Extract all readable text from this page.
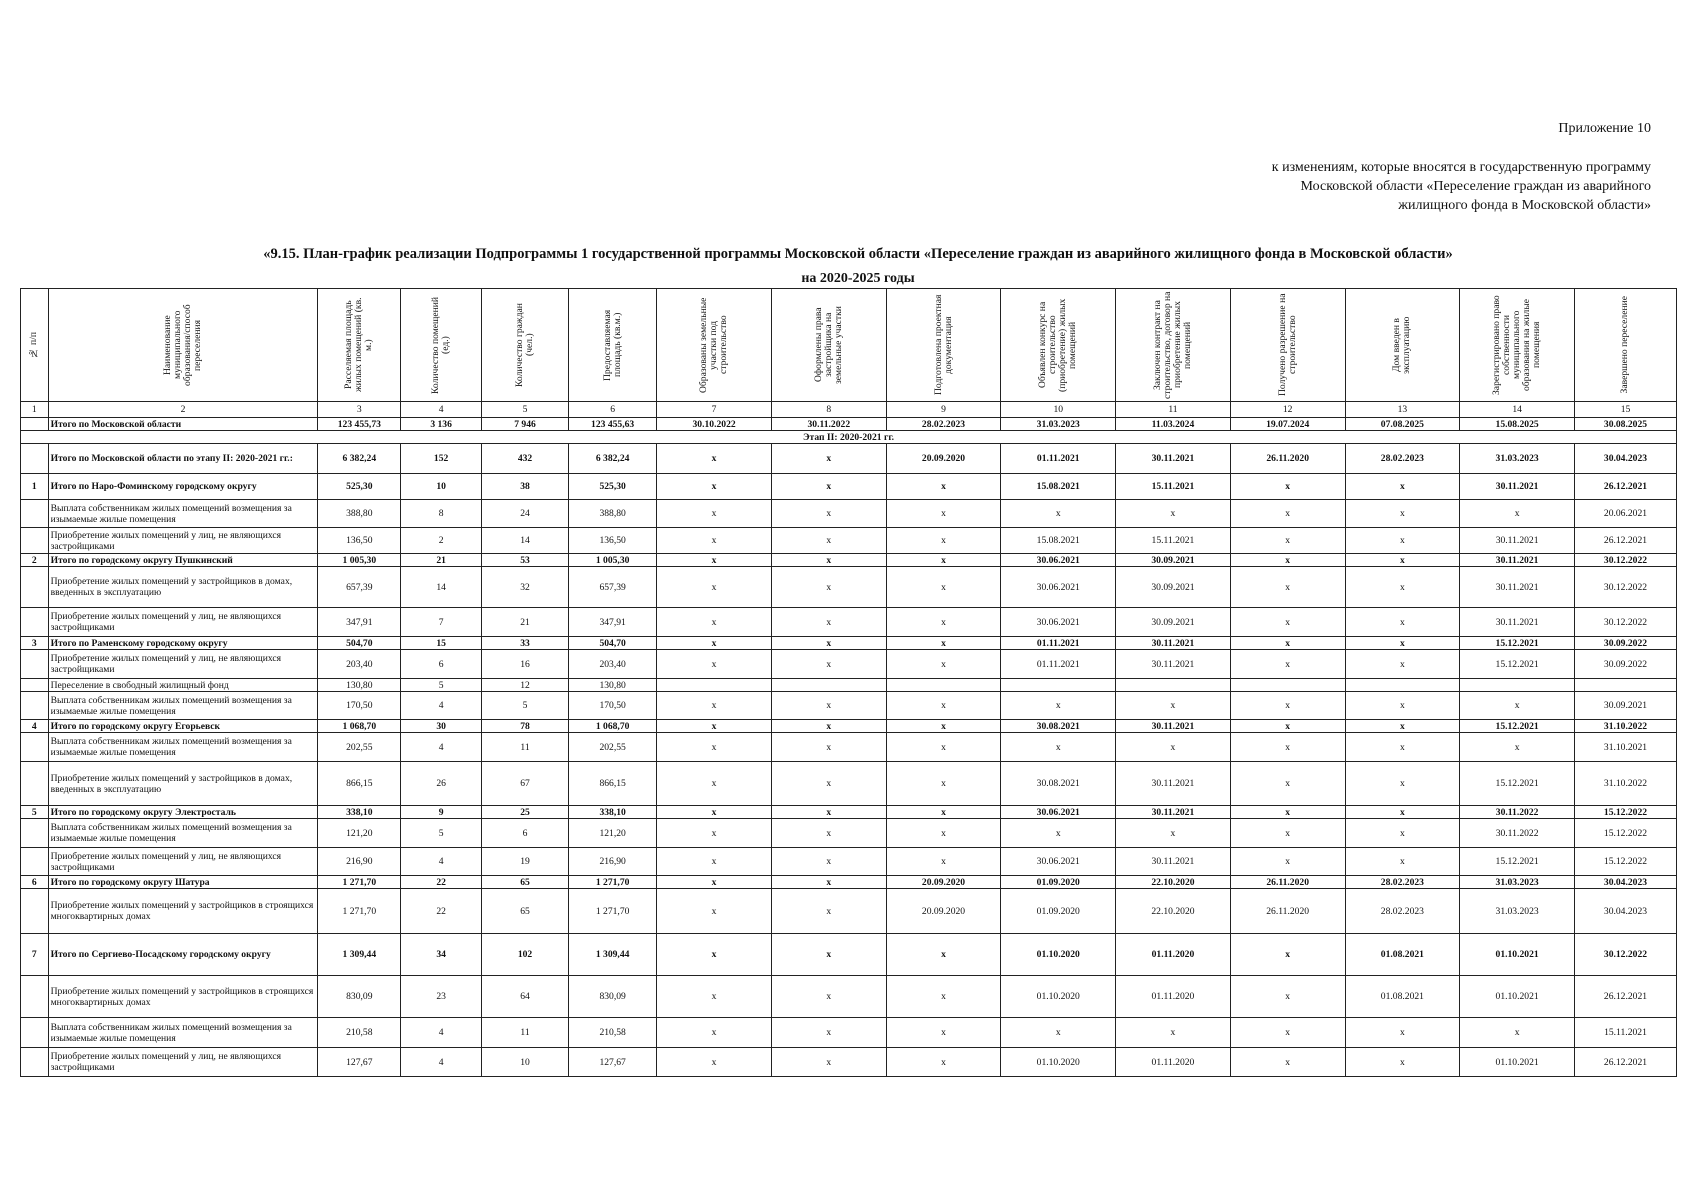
Приложение 10
к изменениям, которые вносятся в государственную программу
Московской области «Переселение граждан из аварийного
жилищного фонда в Московской области»
«9.15. План-график реализации Подпрограммы 1 государственной программы Московской области «Переселение граждан из аварийного жилищного фонда в Московской области»
на 2020-2025 годы
№ п/п	Наименование муниципального образования/способ переселения	Расселяемая площадь жилых помещений (кв. м.)	Количество помещений (ед.)	Количество граждан (чел.)	Предоставляемая площадь (кв.м.)	Образованы земельные участки под строительство	Оформлены права застройщика на земельные участки	Подготовлена проектная документация	Объявлен конкурс на строительство (приобретение) жилых помещений	Заключен контракт на строительство, договор на приобретение жилых помещений	Получено разрешение на строительство	Дом введен в эксплуатацию	Зарегистрировано право собственности муниципального образования на жилые помещения	Завершено переселение

1	2	3	4	5	6	7	8	9	10	11	12	13	14	15
	Итого по Московской области	123 455,73	3 136	7 946	123 455,63	30.10.2022	30.11.2022	28.02.2023	31.03.2023	11.03.2024	19.07.2024	07.08.2025	15.08.2025	30.08.2025
Этап II: 2020-2021 гг.														
	Итого по Московской области по этапу II: 2020-2021 гг.:	6 382,24	152	432	6 382,24	x	x	20.09.2020	01.11.2021	30.11.2021	26.11.2020	28.02.2023	31.03.2023	30.04.2023
1	Итого по Наро-Фоминскому городскому округу	525,30	10	38	525,30	x	x	x	15.08.2021	15.11.2021	x	x	30.11.2021	26.12.2021
	Выплата собственникам жилых помещений возмещения за изымаемые жилые помещения	388,80	8	24	388,80	x	x	x	x	x	x	x	x	20.06.2021
	Приобретение жилых помещений у лиц, не являющихся застройщиками	136,50	2	14	136,50	x	x	x	15.08.2021	15.11.2021	x	x	30.11.2021	26.12.2021
2	Итого по городскому округу Пушкинский	1 005,30	21	53	1 005,30	x	x	x	30.06.2021	30.09.2021	x	x	30.11.2021	30.12.2022
	Приобретение жилых помещений у застройщиков в домах, введенных в эксплуатацию	657,39	14	32	657,39	x	x	x	30.06.2021	30.09.2021	x	x	30.11.2021	30.12.2022
	Приобретение жилых помещений у лиц, не являющихся застройщиками	347,91	7	21	347,91	x	x	x	30.06.2021	30.09.2021	x	x	30.11.2021	30.12.2022
3	Итого по Раменскому городскому округу	504,70	15	33	504,70	x	x	x	01.11.2021	30.11.2021	x	x	15.12.2021	30.09.2022
	Приобретение жилых помещений у лиц, не являющихся застройщиками	203,40	6	16	203,40	x	x	x	01.11.2021	30.11.2021	x	x	15.12.2021	30.09.2022
	Переселение в свободный жилищный фонд	130,80	5	12	130,80									
	Выплата собственникам жилых помещений возмещения за изымаемые жилые помещения	170,50	4	5	170,50	x	x	x	x	x	x	x	x	30.09.2021
4	Итого по городскому округу Егорьевск	1 068,70	30	78	1 068,70	x	x	x	30.08.2021	30.11.2021	x	x	15.12.2021	31.10.2022
	Выплата собственникам жилых помещений возмещения за изымаемые жилые помещения	202,55	4	11	202,55	x	x	x	x	x	x	x	x	31.10.2021
	Приобретение жилых помещений у застройщиков в домах, введенных в эксплуатацию	866,15	26	67	866,15	x	x	x	30.08.2021	30.11.2021	x	x	15.12.2021	31.10.2022
5	Итого по городскому округу Электросталь	338,10	9	25	338,10	x	x	x	30.06.2021	30.11.2021	x	x	30.11.2022	15.12.2022
	Выплата собственникам жилых помещений возмещения за изымаемые жилые помещения	121,20	5	6	121,20	x	x	x	x	x	x	x	30.11.2022	15.12.2022
	Приобретение жилых помещений у лиц, не являющихся застройщиками	216,90	4	19	216,90	x	x	x	30.06.2021	30.11.2021	x	x	15.12.2021	15.12.2022
6	Итого по городскому округу Шатура	1 271,70	22	65	1 271,70	x	x	20.09.2020	01.09.2020	22.10.2020	26.11.2020	28.02.2023	31.03.2023	30.04.2023
	Приобретение жилых помещений у застройщиков в строящихся многоквартирных домах	1 271,70	22	65	1 271,70	x	x	20.09.2020	01.09.2020	22.10.2020	26.11.2020	28.02.2023	31.03.2023	30.04.2023
7	Итого по Сергиево-Посадскому городскому округу	1 309,44	34	102	1 309,44	x	x	x	01.10.2020	01.11.2020	x	01.08.2021	01.10.2021	30.12.2022
	Приобретение жилых помещений у застройщиков в строящихся многоквартирных домах	830,09	23	64	830,09	x	x	x	01.10.2020	01.11.2020	x	01.08.2021	01.10.2021	26.12.2021
	Выплата собственникам жилых помещений возмещения за изымаемые жилые помещения	210,58	4	11	210,58	x	x	x	x	x	x	x	x	15.11.2021
	Приобретение жилых помещений у лиц, не являющихся застройщиками	127,67	4	10	127,67	x	x	x	01.10.2020	01.11.2020	x	x	01.10.2021	26.12.2021
